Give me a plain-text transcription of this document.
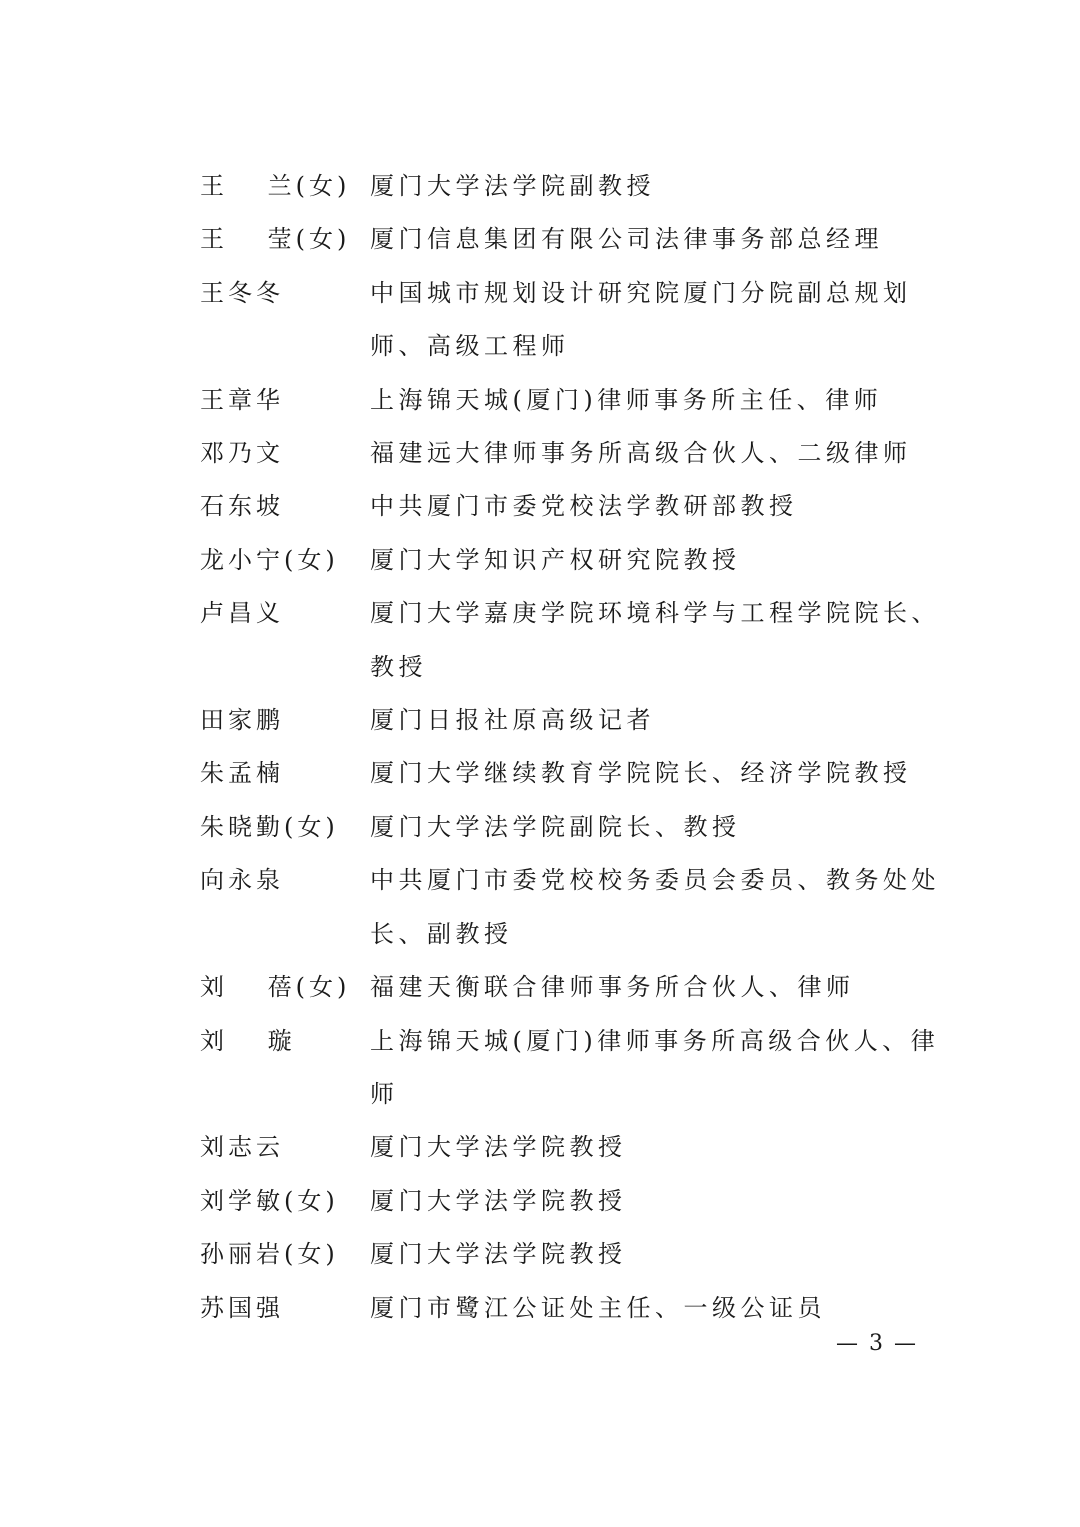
王　 兰(女) 厦门大学法学院副教授
王　 莹(女) 厦门信息集团有限公司法律事务部总经理
王冬冬	中国城市规划设计研究院厦门分院副总规划师、高级工程师
王章华	上海锦天城(厦门)律师事务所主任、律师
邓乃文	福建远大律师事务所高级合伙人、二级律师
石东坡	中共厦门市委党校法学教研部教授
龙小宁(女)	厦门大学知识产权研究院教授
卢昌义	厦门大学嘉庚学院环境科学与工程学院院长、教授
田家鹏	厦门日报社原高级记者
朱孟楠	厦门大学继续教育学院院长、经济学院教授
朱晓勤(女)	厦门大学法学院副院长、教授
向永泉	中共厦门市委党校校务委员会委员、教务处处长、副教授
刘　 蓓(女) 福建天衡联合律师事务所合伙人、律师
刘　 璇	上海锦天城(厦门)律师事务所高级合伙人、律师
刘志云	厦门大学法学院教授
刘学敏(女)	厦门大学法学院教授
孙丽岩(女)	厦门大学法学院教授
苏国强	厦门市鹭江公证处主任、一级公证员
— 3 —
